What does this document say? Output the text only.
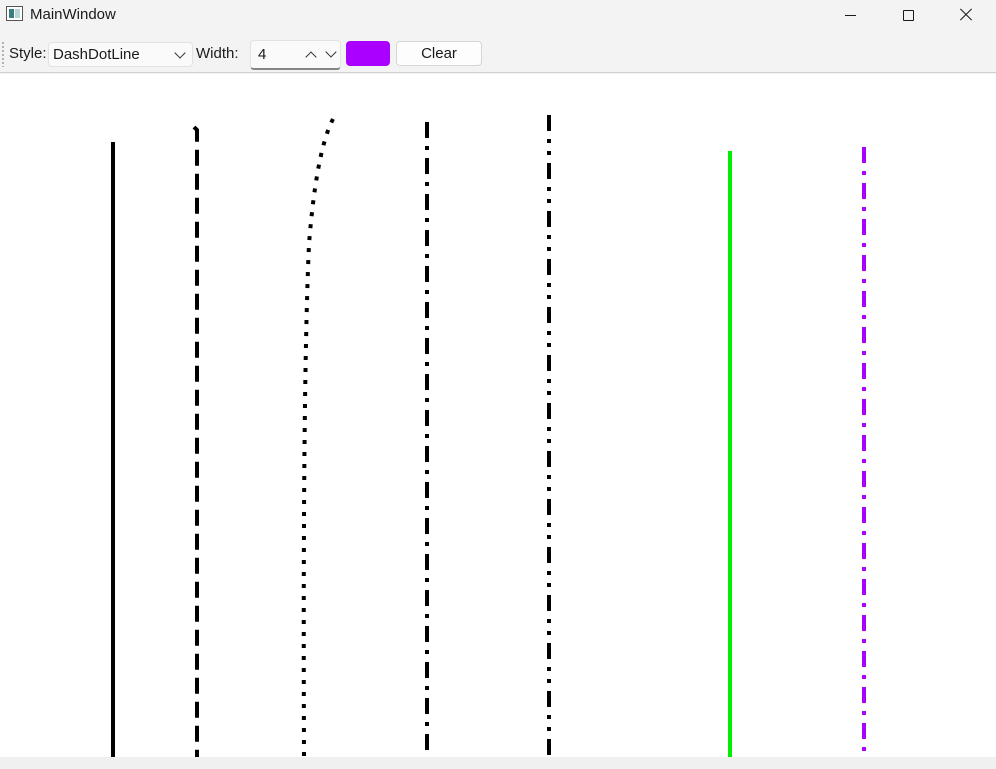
MainWindow
Style: DashDotLine	Width: 4	Clear
